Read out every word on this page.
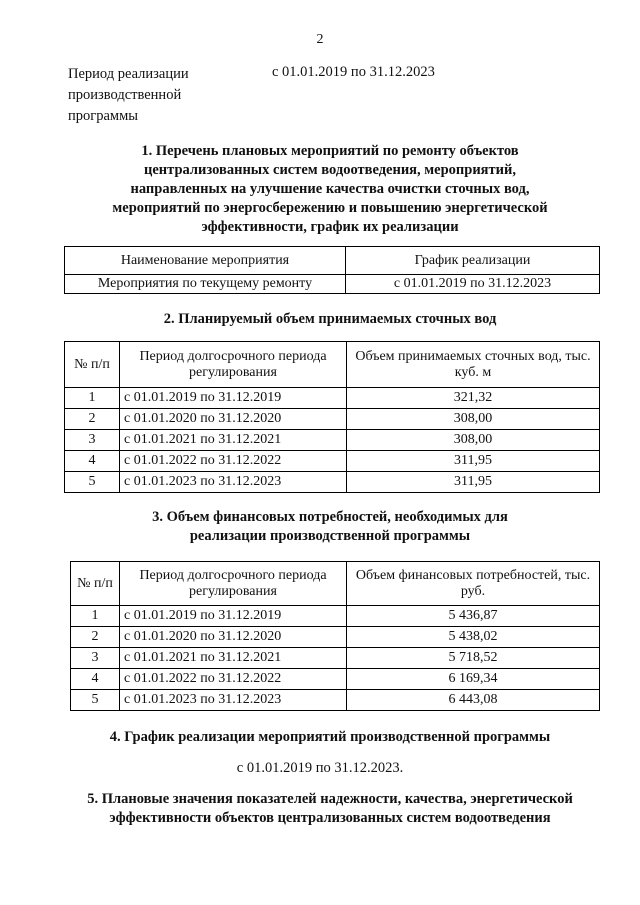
2
Период реализации
производственной
программы
с 01.01.2019 по 31.12.2023
1. Перечень плановых мероприятий по ремонту объектов
централизованных систем водоотведения, мероприятий,
направленных на улучшение качества очистки сточных вод,
мероприятий по энергосбережению и повышению энергетической
эффективности, график их реализации
Наименование мероприятия	График реализации
Мероприятия по текущему ремонту	с 01.01.2019 по 31.12.2023
2. Планируемый объем принимаемых сточных вод
№ п/п	Период долгосрочного периода регулирования	Объем принимаемых сточных вод, тыс. куб. м
1	с 01.01.2019 по 31.12.2019	321,32
2	с 01.01.2020 по 31.12.2020	308,00
3	с 01.01.2021 по 31.12.2021	308,00
4	с 01.01.2022 по 31.12.2022	311,95
5	с 01.01.2023 по 31.12.2023	311,95
3. Объем финансовых потребностей, необходимых для
реализации производственной программы
№ п/п	Период долгосрочного периода регулирования	Объем финансовых потребностей, тыс. руб.
1	с 01.01.2019 по 31.12.2019	5 436,87
2	с 01.01.2020 по 31.12.2020	5 438,02
3	с 01.01.2021 по 31.12.2021	5 718,52
4	с 01.01.2022 по 31.12.2022	6 169,34
5	с 01.01.2023 по 31.12.2023	6 443,08
4. График реализации мероприятий производственной программы
с 01.01.2019 по 31.12.2023.
5. Плановые значения показателей надежности, качества, энергетической
эффективности объектов централизованных систем водоотведения
